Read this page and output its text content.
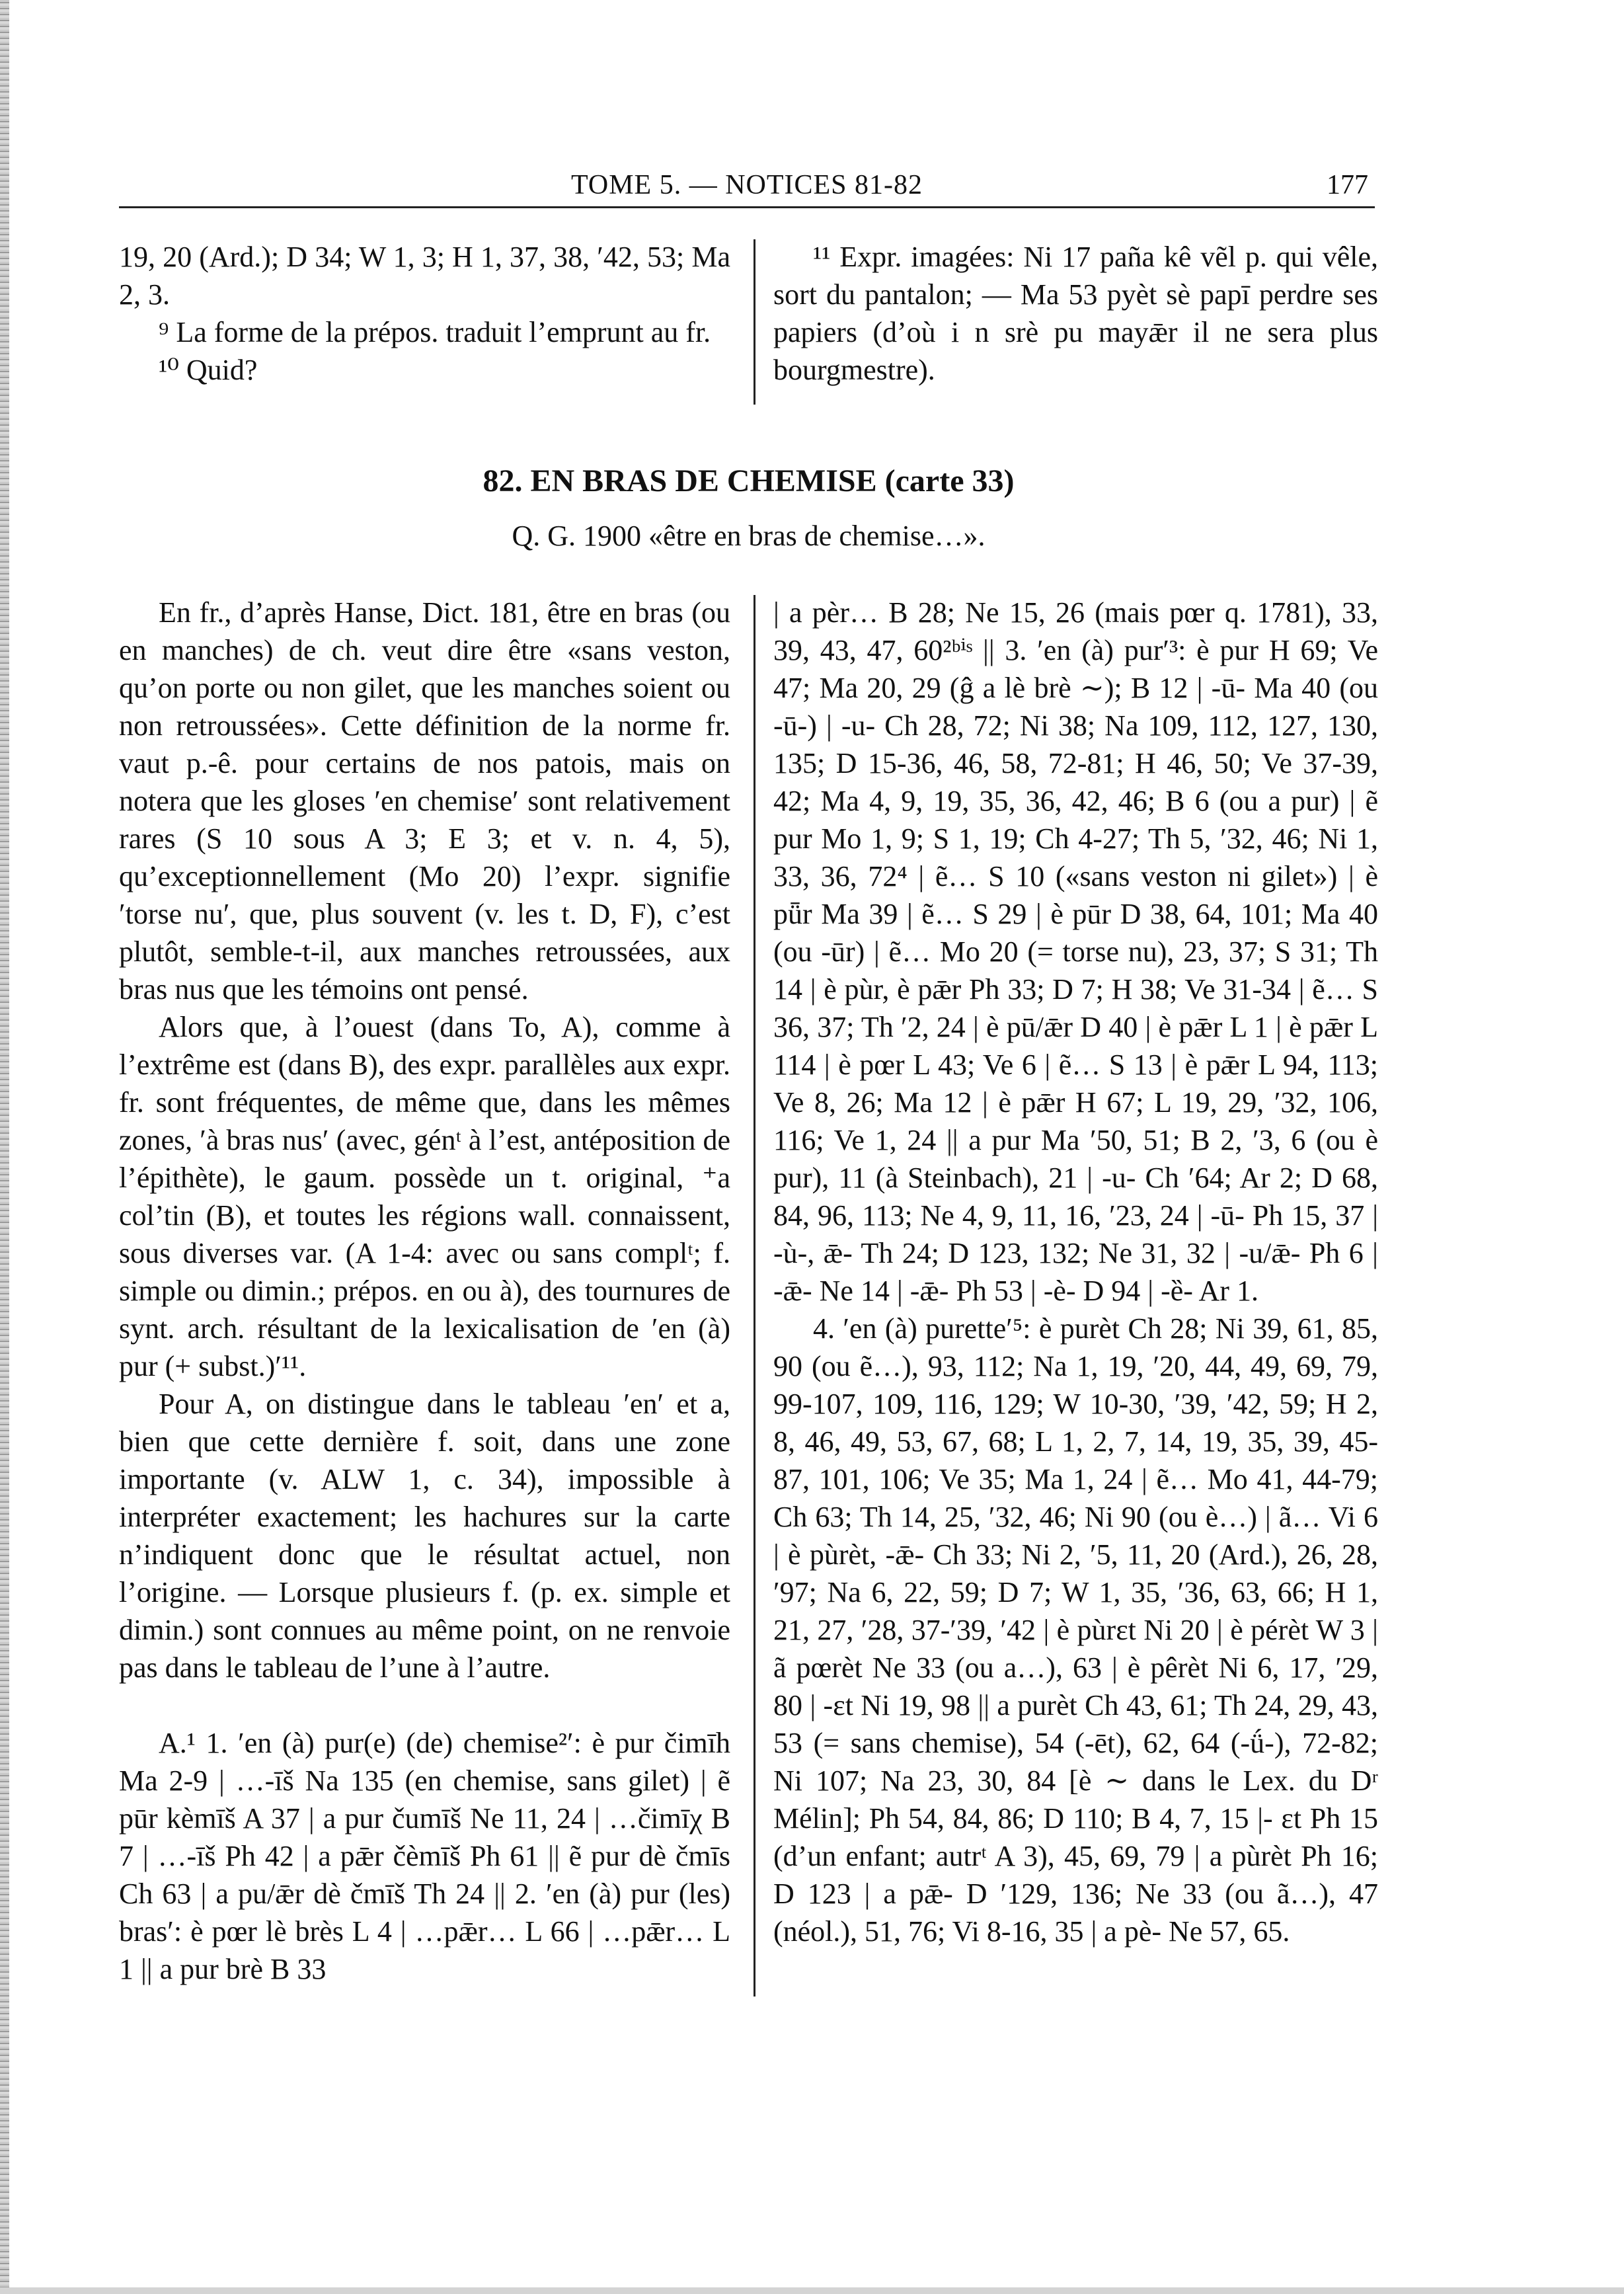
TOME 5. — NOTICES 81-82	177

19, 20 (Ard.); D 34; W 1, 3; H 1, 37, 38, ′42, 53; Ma 2, 3.

⁹ La forme de la prépos. traduit l’emprunt au fr.

¹⁰ Quid?

¹¹ Expr. imagées: Ni 17 paña kê vẽl p. qui vêle, sort du pantalon; — Ma 53 pyèt sè papī perdre ses papiers (d’où i n srè pu mayǣr il ne sera plus bourgmestre).

82. EN BRAS DE CHEMISE (carte 33)
Q. G. 1900 «être en bras de chemise…».

En fr., d’après Hanse, Dict. 181, être en bras (ou en manches) de ch. veut dire être «sans veston, qu’on porte ou non gilet, que les manches soient ou non retroussées». Cette définition de la norme fr. vaut p.-ê. pour certains de nos patois, mais on notera que les gloses ′en chemise′ sont relativement rares (S 10 sous A 3; E 3; et v. n. 4, 5), qu’exceptionnellement (Mo 20) l’expr. signifie ′torse nu′, que, plus souvent (v. les t. D, F), c’est plutôt, semble-t-il, aux manches retroussées, aux bras nus que les témoins ont pensé.

Alors que, à l’ouest (dans To, A), comme à l’extrême est (dans B), des expr. parallèles aux expr. fr. sont fréquentes, de même que, dans les mêmes zones, ′à bras nus′ (avec, génᵗ à l’est, antéposition de l’épithète), le gaum. possède un t. original, ⁺a col’tin (B), et toutes les régions wall. connaissent, sous diverses var. (A 1-4: avec ou sans complᵗ; f. simple ou dimin.; prépos. en ou à), des tournures de synt. arch. résultant de la lexicalisation de ′en (à) pur (+ subst.)′¹¹.

Pour A, on distingue dans le tableau ′en′ et a, bien que cette dernière f. soit, dans une zone importante (v. ALW 1, c. 34), impossible à interpréter exactement; les hachures sur la carte n’indiquent donc que le résultat actuel, non l’origine. — Lorsque plusieurs f. (p. ex. simple et dimin.) sont connues au même point, on ne renvoie pas dans le tableau de l’une à l’autre.

A.¹ 1. ′en (à) pur(e) (de) chemise²′: è pur čimīh Ma 2-9 | …-īš Na 135 (en chemise, sans gilet) | ẽ pūr kèmīš A 37 | a pur čumīš Ne 11, 24 | …čimīχ B 7 | …-īš Ph 42 | a pǣr čèmīš Ph 61 || ẽ pur dè čmīs Ch 63 | a pu/ǣr dè čmīš Th 24 || 2. ′en (à) pur (les) bras′: è pœr lè brès L 4 | …pǣr… L 66 | …pǣr… L 1 || a pur brè B 33

| a pèr… B 28; Ne 15, 26 (mais pœr q. 1781), 33, 39, 43, 47, 60²ᵇⁱˢ || 3. ′en (à) pur′³: è pur H 69; Ve 47; Ma 20, 29 (ĝ a lè brè ∼); B 12 | -ū- Ma 40 (ou -ū-) | -u- Ch 28, 72; Ni 38; Na 109, 112, 127, 130, 135; D 15-36, 46, 58, 72-81; H 46, 50; Ve 37-39, 42; Ma 4, 9, 19, 35, 36, 42, 46; B 6 (ou a pur) | ẽ pur Mo 1, 9; S 1, 19; Ch 4-27; Th 5, ′32, 46; Ni 1, 33, 36, 72⁴ | ẽ… S 10 («sans veston ni gilet») | è pǖr Ma 39 | ẽ… S 29 | è pūr D 38, 64, 101; Ma 40 (ou -ūr) | ẽ… Mo 20 (= torse nu), 23, 37; S 31; Th 14 | è pùr, è pǣr Ph 33; D 7; H 38; Ve 31-34 | ẽ… S 36, 37; Th ′2, 24 | è pū/ǣr D 40 | è pǣr L 1 | è pǣr L 114 | è pœr L 43; Ve 6 | ẽ… S 13 | è pǣr L 94, 113; Ve 8, 26; Ma 12 | è pǣr H 67; L 19, 29, ′32, 106, 116; Ve 1, 24 || a pur Ma ′50, 51; B 2, ′3, 6 (ou è pur), 11 (à Steinbach), 21 | -u- Ch ′64; Ar 2; D 68, 84, 96, 113; Ne 4, 9, 11, 16, ′23, 24 | -ū- Ph 15, 37 | -ù-, ǣ- Th 24; D 123, 132; Ne 31, 32 | -u/ǣ- Ph 6 | -ǣ- Ne 14 | -ǣ- Ph 53 | -è- D 94 | -ȅ- Ar 1.

4. ′en (à) purette′⁵: è purèt Ch 28; Ni 39, 61, 85, 90 (ou ẽ…), 93, 112; Na 1, 19, ′20, 44, 49, 69, 79, 99-107, 109, 116, 129; W 10-30, ′39, ′42, 59; H 2, 8, 46, 49, 53, 67, 68; L 1, 2, 7, 14, 19, 35, 39, 45-87, 101, 106; Ve 35; Ma 1, 24 | ẽ… Mo 41, 44-79; Ch 63; Th 14, 25, ′32, 46; Ni 90 (ou è…) | ã… Vi 6 | è pùrèt, -ǣ- Ch 33; Ni 2, ′5, 11, 20 (Ard.), 26, 28, ′97; Na 6, 22, 59; D 7; W 1, 35, ′36, 63, 66; H 1, 21, 27, ′28, 37-′39, ′42 | è pùrɛt Ni 20 | è pérèt W 3 | ã pœrèt Ne 33 (ou a…), 63 | è pêrèt Ni 6, 17, ′29, 80 | -ɛt Ni 19, 98 || a purèt Ch 43, 61; Th 24, 29, 43, 53 (= sans chemise), 54 (-ēt), 62, 64 (-ǘ-), 72-82; Ni 107; Na 23, 30, 84 [è ∼ dans le Lex. du Dʳ Mélin]; Ph 54, 84, 86; D 110; B 4, 7, 15 |- ɛt Ph 15 (d’un enfant; autrᵗ A 3), 45, 69, 79 | a pùrèt Ph 16; D 123 | a pǣ- D ′129, 136; Ne 33 (ou ã…), 47 (néol.), 51, 76; Vi 8-16, 35 | a pè- Ne 57, 65.
